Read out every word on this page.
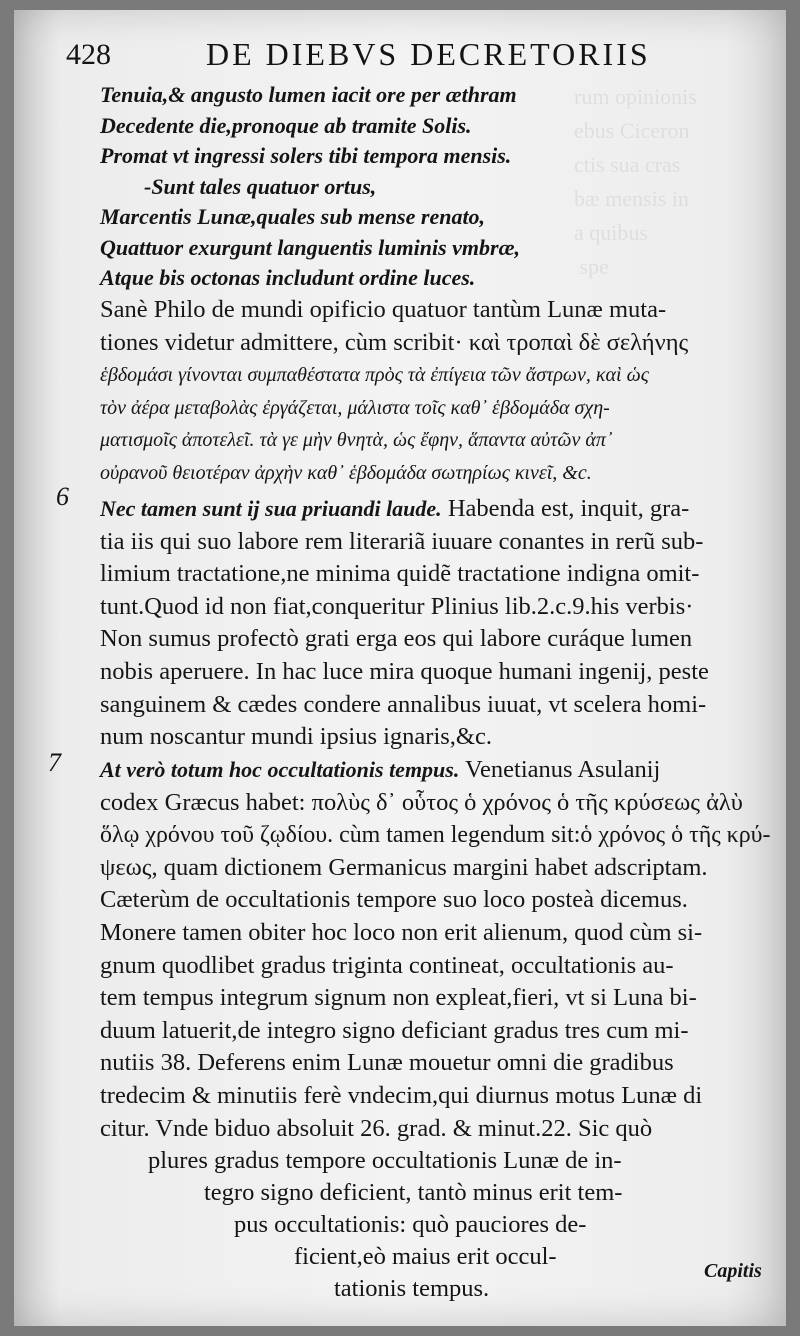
rum opinionis
ebus Ciceron
ctis sua cras
bæ mensis in
a quibus
spe

428	DE DIEBVS DECRETORIIS
Tenuia,& angusto lumen iacit ore per æthram
Decedente die,pronoque ab tramite Solis.
Promat vt ingressi solers tibi tempora mensis.
-Sunt tales quatuor ortus,
Marcentis Lunæ,quales sub mense renato,
Quattuor exurgunt languentis luminis vmbræ,
Atque bis octonas includunt ordine luces.
Sanè Philo de mundi opificio quatuor tantùm Lunæ muta-
tiones videtur admittere, cùm scribit· καὶ τροπαὶ δὲ σελήνης
ἑβδομάσι γίνονται συμπαθέστατα πρὸς τὰ ἐπίγεια τῶν ἄστρων, καὶ ὡς
τὸν ἀέρα μεταβολὰς ἐργάζεται, μάλιστα τοῖς καθ᾽ ἑβδομάδα σχη-
ματισμοῖς ἀποτελεῖ. τὰ γε μὴν θνητὰ, ὡς ἔφην, ἅπαντα αὐτῶν ἀπ᾽
οὐρανοῦ θειοτέραν ἀρχὴν καθ᾽ ἑβδομάδα σωτηρίως κινεῖ, &c.
6 Nec tamen sunt ij sua priuandi laude. Habenda est, inquit, gra-
tia iis qui suo labore rem literariã iuuare conantes in rerũ sub-
limium tractatione,ne minima quidẽ tractatione indigna omit-
tunt.Quod id non fiat,conqueritur Plinius lib.2.c.9.his verbis·
Non sumus profectò grati erga eos qui labore curáque lumen
nobis aperuere. In hac luce mira quoque humani ingenij, peste
sanguinem & cædes condere annalibus iuuat, vt scelera homi-
num noscantur mundi ipsius ignaris,&c.
7 At verò totum hoc occultationis tempus. Venetianus Asulanij
codex Græcus habet: πολὺς δ᾽ οὗτος ὁ χρόνος ὁ τῆς κρύσεως ἀλὺ
ὅλῳ χρόνου τοῦ ζῳδίου. cùm tamen legendum sit:ὁ χρόνος ὁ τῆς κρύ-
ψεως, quam dictionem Germanicus margini habet adscriptam.
Cæterùm de occultationis tempore suo loco posteà dicemus.
Monere tamen obiter hoc loco non erit alienum, quod cùm si-
gnum quodlibet gradus triginta contineat, occultationis au-
tem tempus integrum signum non expleat,fieri, vt si Luna bi-
duum latuerit,de integro signo deficiant gradus tres cum mi-
nutiis 38. Deferens enim Lunæ mouetur omni die gradibus
tredecim & minutiis ferè vndecim,qui diurnus motus Lunæ di
citur. Vnde biduo absoluit 26. grad. & minut.22. Sic quò
plures gradus tempore occultationis Lunæ de in-
tegro signo deficient, tantò minus erit tem-
pus occultationis: quò pauciores de-
ficient,eò maius erit occul-
tationis tempus.
Capitis
